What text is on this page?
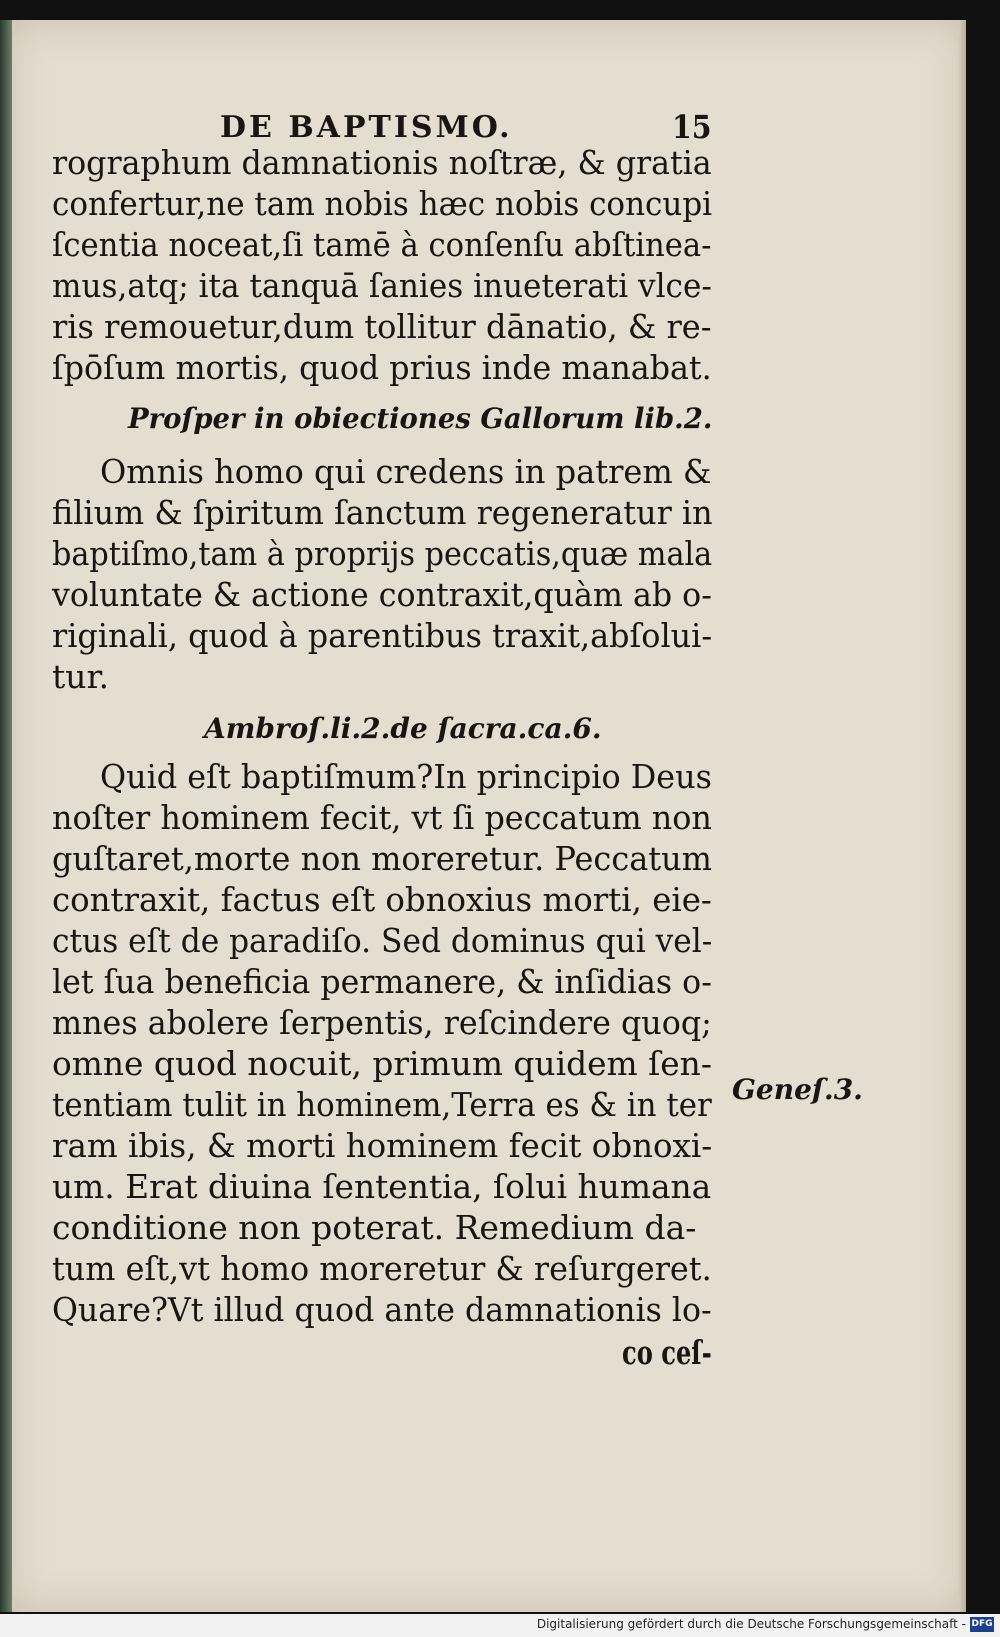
DE BAPTISMO.	15
rographum damnationis noſtræ, & gratia
confertur,ne tam nobis hæc nobis concupi
ſcentia noceat,ſi tamē à conſenſu abſtinea-
mus,atq; ita tanquā ſanies inueterati vlce-
ris remouetur,dum tollitur dānatio, & re-
ſpōſum mortis, quod prius inde manabat.
Proſper in obiectiones Gallorum lib.2.
Omnis homo qui credens in patrem &
filium & ſpiritum ſanctum regeneratur in
baptiſmo,tam à proprijs peccatis,quæ mala
voluntate & actione contraxit,quàm ab o-
riginali, quod à parentibus traxit,abſolui-
tur.
Ambroſ.li.2.de ſacra.ca.6.
Quid eſt baptiſmum?In principio Deus
noſter hominem fecit, vt ſi peccatum non
guſtaret,morte non moreretur. Peccatum
contraxit, factus eſt obnoxius morti, eie-
ctus eſt de paradiſo. Sed dominus qui vel-
let ſua beneficia permanere, & inſidias o-
mnes abolere ſerpentis, reſcindere quoq;
omne quod nocuit, primum quidem ſen-
tentiam tulit in hominem,Terra es & in ter
ram ibis, & morti hominem fecit obnoxi-
um. Erat diuina ſententia, ſolui humana
conditione non poterat. Remedium da-
tum eſt,vt homo moreretur & reſurgeret.
Quare?Vt illud quod ante damnationis lo-
co ceſ-
Geneſ.3.
Digitalisierung gefördert durch die Deutsche Forschungsgemeinschaft - DFG
